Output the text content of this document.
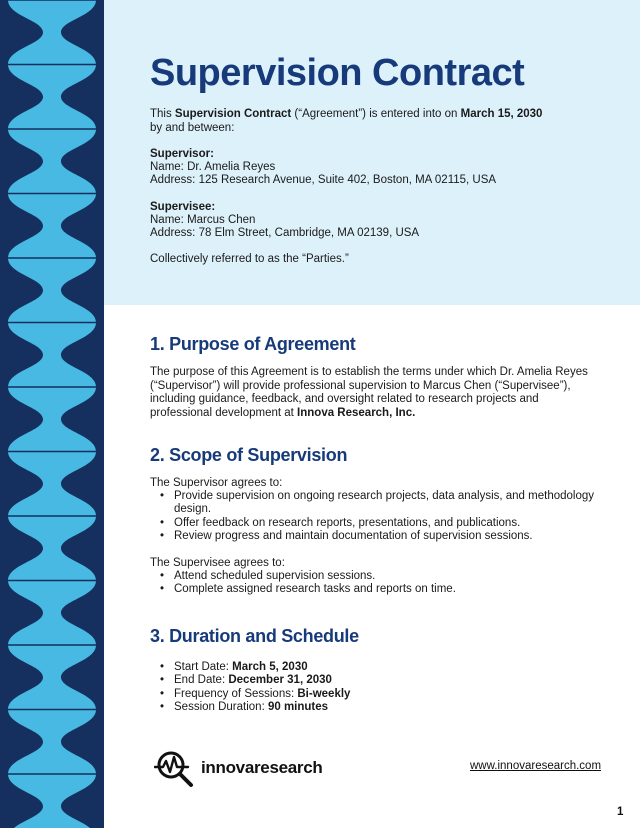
Supervision Contract

This Supervision Contract (“Agreement”) is entered into on March 15, 2030
by and between:

Supervisor:
Name: Dr. Amelia Reyes
Address: 125 Research Avenue, Suite 402, Boston, MA 02115, USA
Supervisee:
Name: Marcus Chen
Address: 78 Elm Street, Cambridge, MA 02139, USA
Collectively referred to as the “Parties.”
1. Purpose of Agreement

The purpose of this Agreement is to establish the terms under which Dr. Amelia Reyes (“Supervisor”) will provide professional supervision to Marcus Chen (“Supervisee”), including guidance, feedback, and oversight related to research projects and professional development at Innova Research, Inc.

2. Scope of Supervision

The Supervisor agrees to:

• Provide supervision on ongoing research projects, data analysis, and methodology design.
• Offer feedback on research reports, presentations, and publications.
• Review progress and maintain documentation of supervision sessions.

The Supervisee agrees to:

• Attend scheduled supervision sessions.
• Complete assigned research tasks and reports on time.
3. Duration and Schedule
• Start Date: March 5, 2030
• End Date: December 31, 2030
• Frequency of Sessions: Bi-weekly
• Session Duration: 90 minutes
innovaresearch	www.innovaresearch.com
1
